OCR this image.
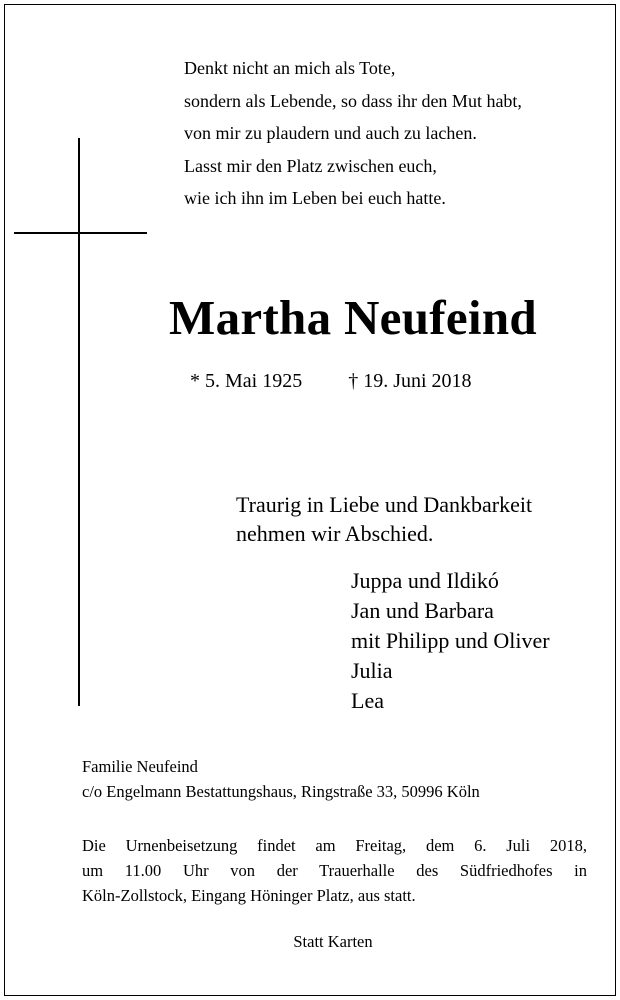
Denkt nicht an mich als Tote,
sondern als Lebende, so dass ihr den Mut habt,
von mir zu plaudern und auch zu lachen.
Lasst mir den Platz zwischen euch,
wie ich ihn im Leben bei euch hatte.
Martha Neufeind
* 5. Mai 1925 † 19. Juni 2018
Traurig in Liebe und Dankbarkeit
nehmen wir Abschied.
Juppa und Ildikó
Jan und Barbara
mit Philipp und Oliver
Julia
Lea
Familie Neufeind
c/o Engelmann Bestattungshaus, Ringstraße 33, 50996 Köln
Die Urnenbeisetzung findet am Freitag, dem 6. Juli 2018,
um 11.00 Uhr von der Trauerhalle des Südfriedhofes in
Köln-Zollstock, Eingang Höninger Platz, aus statt.
Statt Karten
